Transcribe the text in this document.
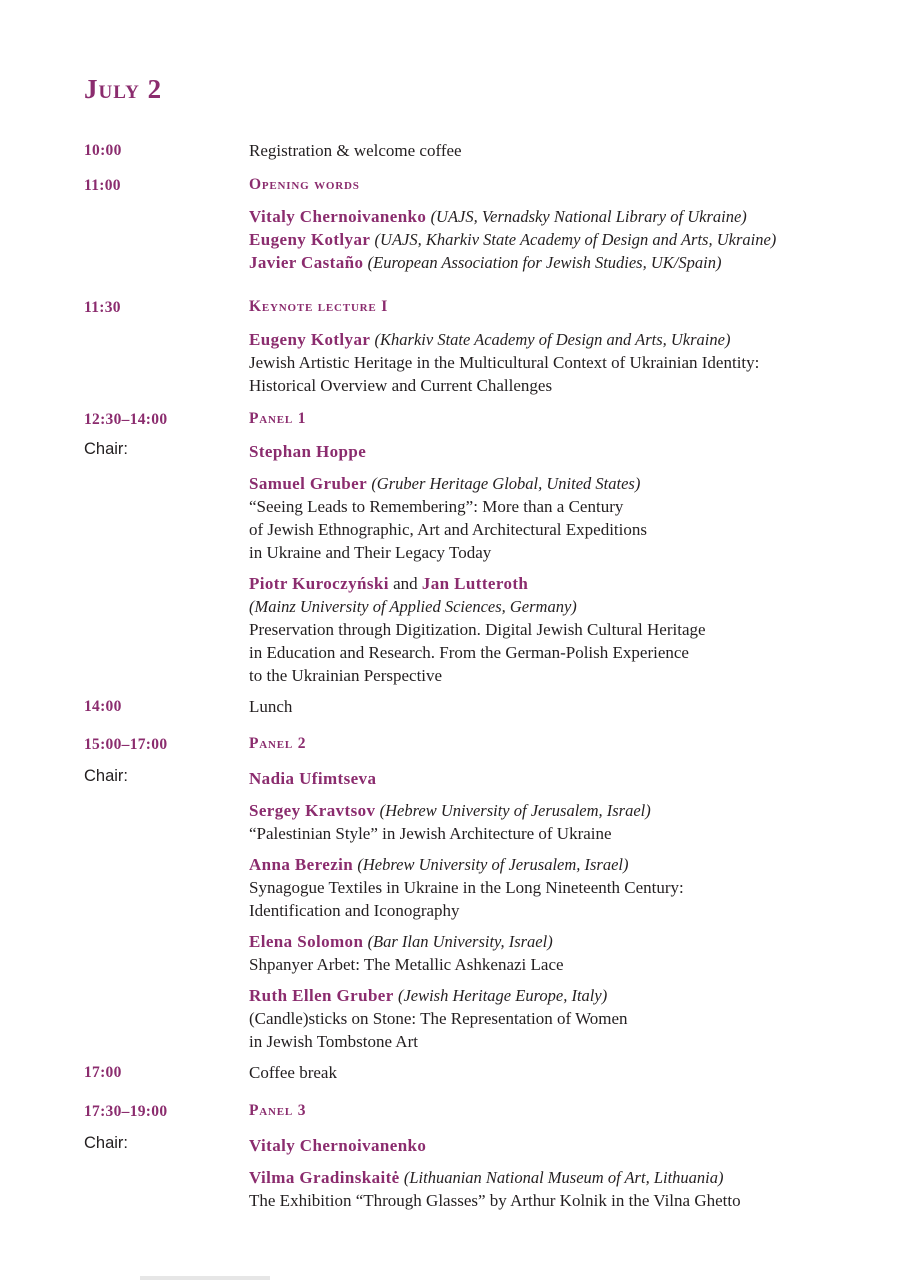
July 2
10:00	Registration & welcome coffee
11:00	Opening words
Vitaly Chernoivanenko (UAJS, Vernadsky National Library of Ukraine)
Eugeny Kotlyar (UAJS, Kharkiv State Academy of Design and Arts, Ukraine)
Javier Castaño (European Association for Jewish Studies, UK/Spain)
11:30	Keynote lecture I
Eugeny Kotlyar (Kharkiv State Academy of Design and Arts, Ukraine)
Jewish Artistic Heritage in the Multicultural Context of Ukrainian Identity:
Historical Overview and Current Challenges
12:30–14:00	Panel 1
Chair:	Stephan Hoppe
Samuel Gruber (Gruber Heritage Global, United States)
“Seeing Leads to Remembering”: More than a Century
of Jewish Ethnographic, Art and Architectural Expeditions
in Ukraine and Their Legacy Today
Piotr Kuroczyński and Jan Lutteroth
(Mainz University of Applied Sciences, Germany)
Preservation through Digitization. Digital Jewish Cultural Heritage
in Education and Research. From the German-Polish Experience
to the Ukrainian Perspective
14:00	Lunch
15:00–17:00	Panel 2
Chair:	Nadia Ufimtseva
Sergey Kravtsov (Hebrew University of Jerusalem, Israel)
“Palestinian Style” in Jewish Architecture of Ukraine
Anna Berezin (Hebrew University of Jerusalem, Israel)
Synagogue Textiles in Ukraine in the Long Nineteenth Century:
Identification and Iconography
Elena Solomon (Bar Ilan University, Israel)
Shpanyer Arbet: The Metallic Ashkenazi Lace
Ruth Ellen Gruber (Jewish Heritage Europe, Italy)
(Candle)sticks on Stone: The Representation of Women
in Jewish Tombstone Art
17:00	Coffee break
17:30–19:00	Panel 3
Chair:	Vitaly Chernoivanenko
Vilma Gradinskaitė (Lithuanian National Museum of Art, Lithuania)
The Exhibition “Through Glasses” by Arthur Kolnik in the Vilna Ghetto
